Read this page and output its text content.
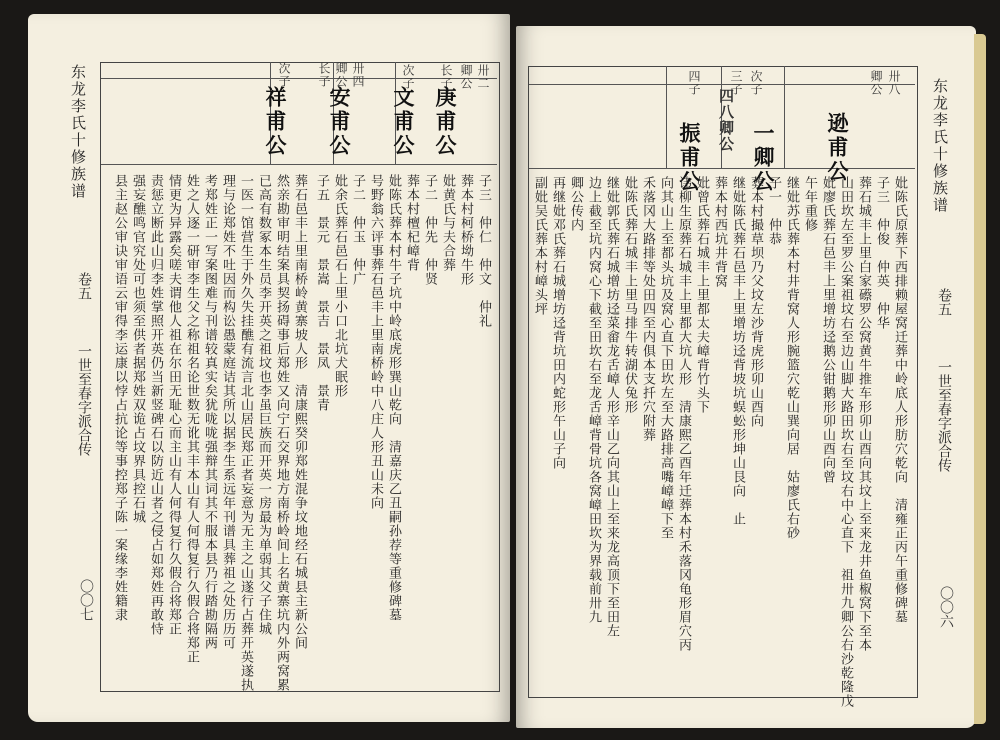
东龙李氏十修族谱
卷五
一世至春字派合传
〇〇七
卅二
卿公
长子
次子
卅四
卿公
长子
次子
庚甫公
文甫公
安甫公
祥甫公
子三　仲仁　仲文　仲礼
葬本村柯桥坳牛形
妣黄氏与夫合葬
子二　仲先　仲贤
葬本村檀杞嶂背
妣陈氏葬本村牛子坑中岭底虎形巽山乾向　清嘉庆乙丑嗣孙荐等重修碑墓
号野翁六评事葬石邑丰上里南桥岭中八庄人形丑山未向
子二　仲玉　仲广
妣余氏葬石邑石上里小口北坑犬眠形
子五　景元　景嵩　景吉　景凤　景青
葬石邑丰上里南桥岭黄寨坡人形　清康熙癸卯郑姓混争坟地经石城县主新公间
然亲勘审明结案具契扬碍事后郑姓又向宁石交界地方南桥岭间上名黄寨坑内外两窝累
已高有数冢本生员李开英之祖坟也李虽巨族而开英一房最为单弱其父子住城
一医一馆营生于外久失挂醮有流言北山居民郑正者妄意为无主之山遂行占葬开英遂执
理与论郑姓不吐因而构讼愚蒙庭诘其所以据李生系远年刊谱具葬祖之处历历可
考郑姓正一写案图难与刊谱较真实矣犹咙咙强辩其词其不服本县乃行踏勘隔两
姓之人逐一研审李生父之称祖名论世数无讹其丰本山有人何得复行久假合将郑正
情更为异露矣嗟夫谓他人祖在尔田无耻心而主山有人何得复行久假合将郑正
责惩立断此山归李姓掌照开英仍当新竖碑石以防近山者之侵占如郑姓再敢恃
强妄醮鸣官究处可也须至供者据郑姓双诡占坟界具控石城
县主赵公审诀审语云审得李运康以悖占抗论等事控郑子陈一案缘李姓籍隶
东龙李氏十修族谱
卷五
一世至春字派合传
〇〇六
卅八
卿公
次子
三子
四子
逊甫公
一卿公
四八卿公
振甫公
妣陈氏原葬下西排赖屋窝迁葬中岭底人形肪穴乾向　清雍正丙午重修碑墓
子三　仲俊　仲英　仲华
葬石城丰上里白家礤罗公窝黄牛推车形卯山酉向其坟上至来龙井鱼椒窝下至本
山田坎左至罗公案祖坟右至边山脚大路田坎右至坟右中心直下　祖卅九卿公右沙乾隆戊
妣廖氏葬石邑丰上里增坊迳鹅公钳鹅形卯山酉向曾
午年重修
继妣苏氏葬本村井背窝人形腕篮穴乾山巽向居　姑廖氏右砂
子一　仲恭
葬本村撮草坝乃父坟左沙背虎形卯山酉向
继妣陈氏葬石邑丰上里增坊迳背坡坑蜈蚣形坤山艮向　止
葬本村西坑井背窝
妣曾氏葬石城丰上里都太夫嶂背竹头下
讳柳生原葬石城丰上里都大坑人形　清康熙乙酉年迁葬本村禾落冈龟形眉穴丙
向其山上至都头坑及窝心直下田坎左至大路排高嘴嶂嶂下至
禾落冈大路排等处田四至内俱本支扦穴附葬
妣陈氏葬石城丰上里马排牛转湖伏兔形
继妣郭氏葬石城增坊迳菜畲龙舌嶂人形辛山乙向其山上至来龙高顶下至田左
边上截至坑内窝心下截至田坎右至龙舌嶂背骨坑各窝嶂田坎为界载前卅九
卿公传内
再继妣邓氏葬石城增坊迳背坑田内蛇形午山子向
副妣吴氏葬本村嶂头坪
